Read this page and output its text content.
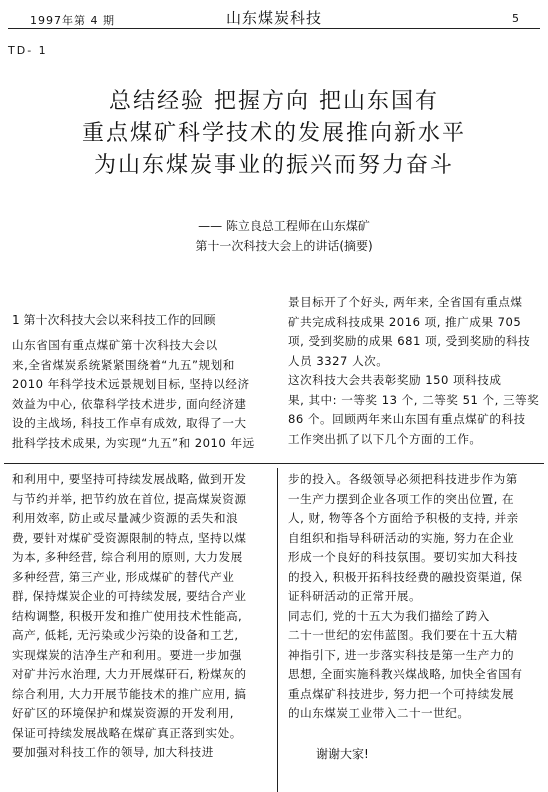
1997年第 4 期	山东煤炭科技	5
TD- 1
总结经验 把握方向 把山东国有
重点煤矿科学技术的发展推向新水平
为山东煤炭事业的振兴而努力奋斗
—— 陈立良总工程师在山东煤矿
第十一次科技大会上的讲话(摘要)
1 第十次科技大会以来科技工作的回顾
山东省国有重点煤矿第十次科技大会以
来,全省煤炭系统紧紧围绕着“九五”规划和
2010 年科学技术远景规划目标, 坚持以经济
效益为中心, 依靠科学技术进步, 面向经济建
设的主战场, 科技工作卓有成效, 取得了一大
批科学技术成果, 为实现“九五”和 2010 年远
景目标开了个好头, 两年来, 全省国有重点煤
矿共完成科技成果 2016 项, 推广成果 705
项, 受到奖励的成果 681 项, 受到奖励的科技
人员 3327 人次。
这次科技大会共表彰奖励 150 项科技成
果, 其中: 一等奖 13 个, 二等奖 51 个, 三等奖
86 个。回顾两年来山东国有重点煤矿的科技
工作突出抓了以下几个方面的工作。
和利用中, 要坚持可持续发展战略, 做到开发
与节约并举, 把节约放在首位, 提高煤炭资源
利用效率, 防止或尽量减少资源的丢失和浪
费, 要针对煤矿受资源限制的特点, 坚持以煤
为本, 多种经营, 综合利用的原则, 大力发展
多种经营, 第三产业, 形成煤矿的替代产业
群, 保持煤炭企业的可持续发展, 要结合产业
结构调整, 积极开发和推广使用技术性能高,
高产, 低耗, 无污染或少污染的设备和工艺,
实现煤炭的洁净生产和利用。要进一步加强
对矿井污水治理, 大力开展煤矸石, 粉煤灰的
综合利用, 大力开展节能技术的推广应用, 搞
好矿区的环境保护和煤炭资源的开发利用,
保证可持续发展战略在煤矿真正落到实处。
要加强对科技工作的领导, 加大科技进
步的投入。各级领导必须把科技进步作为第
一生产力摆到企业各项工作的突出位置, 在
人, 财, 物等各个方面给予积极的支持, 并亲
自组织和指导科研活动的实施, 努力在企业
形成一个良好的科技氛围。要切实加大科技
的投入, 积极开拓科技经费的融投资渠道, 保
证科研活动的正常开展。
同志们, 党的十五大为我们描绘了跨入
二十一世纪的宏伟蓝图。我们要在十五大精
神指引下, 进一步落实科技是第一生产力的
思想, 全面实施科教兴煤战略, 加快全省国有
重点煤矿科技进步, 努力把一个可持续发展
的山东煤炭工业带入二十一世纪。
谢谢大家!
